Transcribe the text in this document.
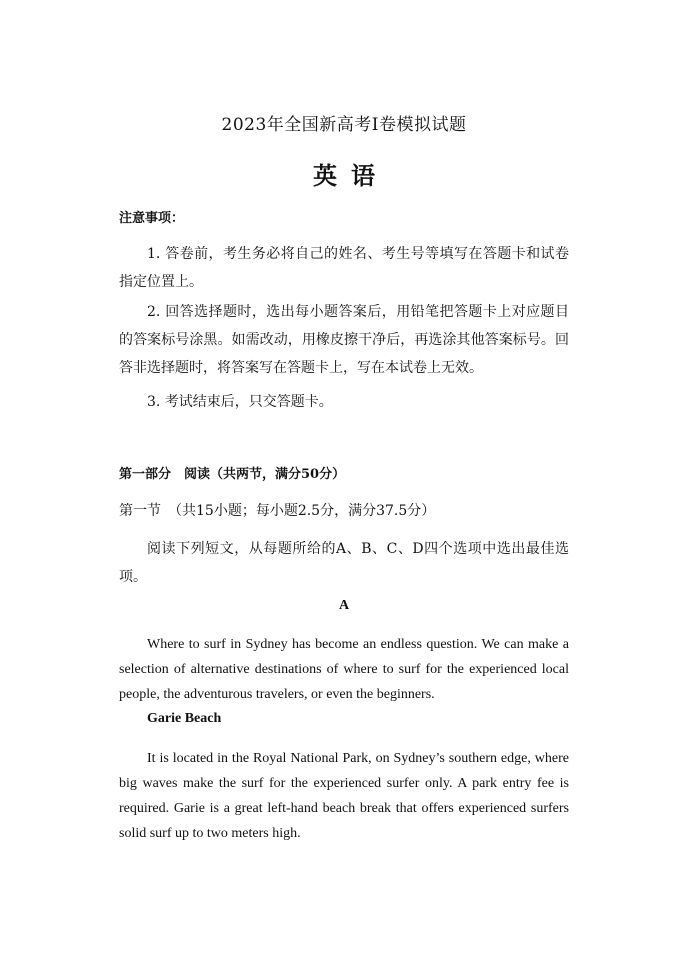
2023年全国新高考Ⅰ卷模拟试题
英语
注意事项：
1. 答卷前，考生务必将自己的姓名、考生号等填写在答题卡和试卷指定位置上。
2. 回答选择题时，选出每小题答案后，用铅笔把答题卡上对应题目的答案标号涂黑。如需改动，用橡皮擦干净后，再选涂其他答案标号。回答非选择题时，将答案写在答题卡上，写在本试卷上无效。
3. 考试结束后，只交答题卡。
第一部分　阅读（共两节，满分50分）
第一节　（共15小题；每小题2.5分，满分37.5分）
阅读下列短文，从每题所给的A、B、C、D四个选项中选出最佳选项。
A
Where to surf in Sydney has become an endless question. We can make a selection of alternative destinations of where to surf for the experienced local people, the adventurous travelers, or even the beginners.
Garie Beach
It is located in the Royal National Park, on Sydney’s southern edge, where big waves make the surf for the experienced surfer only. A park entry fee is required. Garie is a great left-hand beach break that offers experienced surfers solid surf up to two meters high.
